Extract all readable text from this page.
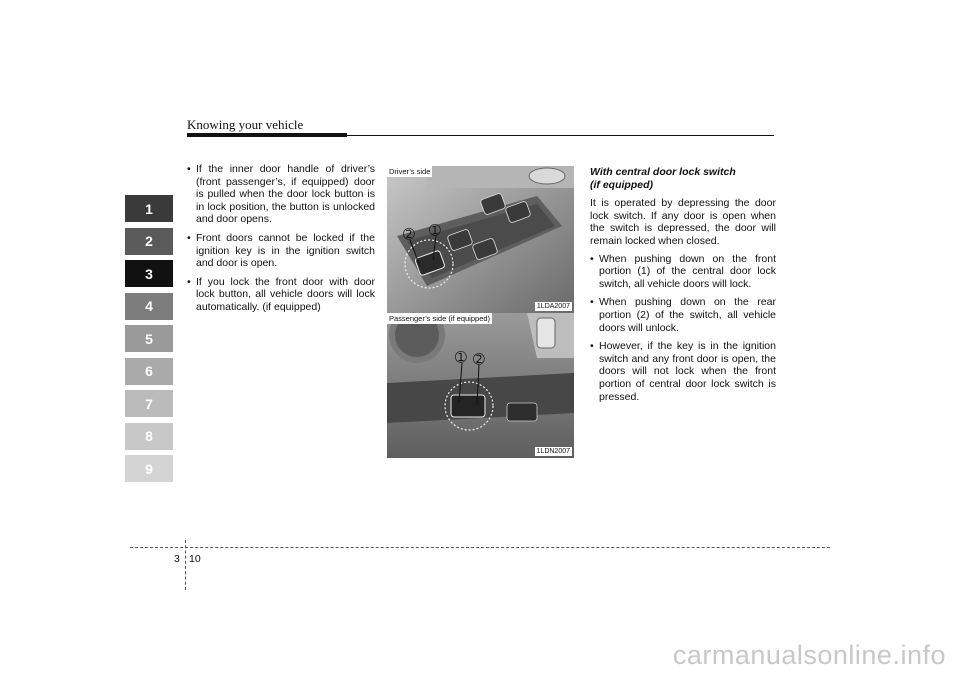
Knowing your vehicle
1
2
3
4
5
6
7
8
9
• If the inner door handle of driver’s (front passenger’s, if equipped) door is pulled when the door lock button is in lock position, the button is unlocked and door opens.
• Front doors cannot be locked if the ignition key is in the ignition switch and door is open.
• If you lock the front door with door lock button, all vehicle doors will lock automatically. (if equipped)
Driver’s side
1LDA2007
➁ ➀
Passenger’s side (if equipped)
1LDN2007
➀ ➁
With central door lock switch
(if equipped)

It is operated by depressing the door lock switch. If any door is open when the switch is depressed, the door will remain locked when closed.

• When pushing down on the front portion (1) of the central door lock switch, all vehicle doors will lock.
• When pushing down on the rear portion (2) of the switch, all vehicle doors will unlock.
• However, if the key is in the ignition switch and any front door is open, the doors will not lock when the front portion of central door lock switch is pressed.
3 10
carmanualsonline.info
